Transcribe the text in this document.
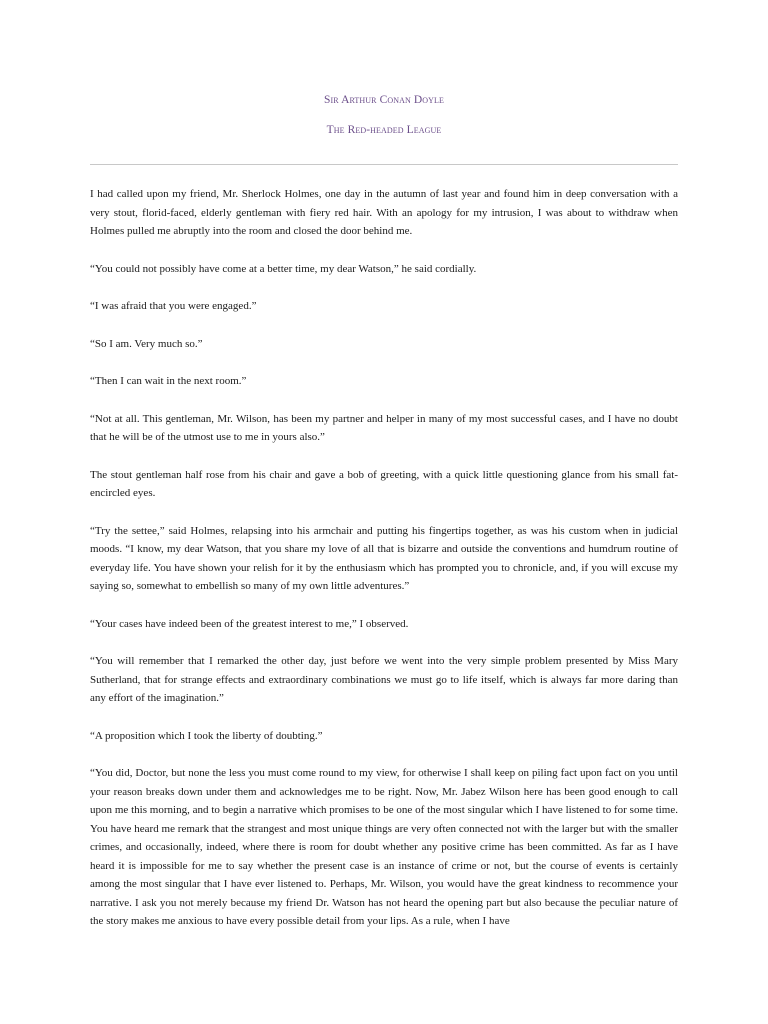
Sir Arthur Conan Doyle
The Red-headed League

I had called upon my friend, Mr. Sherlock Holmes, one day in the autumn of last year and found him in deep conversation with a very stout, florid-faced, elderly gentleman with fiery red hair. With an apology for my intrusion, I was about to withdraw when Holmes pulled me abruptly into the room and closed the door behind me.

“You could not possibly have come at a better time, my dear Watson,” he said cordially.

“I was afraid that you were engaged.”

“So I am. Very much so.”

“Then I can wait in the next room.”

“Not at all. This gentleman, Mr. Wilson, has been my partner and helper in many of my most successful cases, and I have no doubt that he will be of the utmost use to me in yours also.”

The stout gentleman half rose from his chair and gave a bob of greeting, with a quick little questioning glance from his small fat-encircled eyes.

“Try the settee,” said Holmes, relapsing into his armchair and putting his fingertips together, as was his custom when in judicial moods. “I know, my dear Watson, that you share my love of all that is bizarre and outside the conventions and humdrum routine of everyday life. You have shown your relish for it by the enthusiasm which has prompted you to chronicle, and, if you will excuse my saying so, somewhat to embellish so many of my own little adventures.”

“Your cases have indeed been of the greatest interest to me,” I observed.

“You will remember that I remarked the other day, just before we went into the very simple problem presented by Miss Mary Sutherland, that for strange effects and extraordinary combinations we must go to life itself, which is always far more daring than any effort of the imagination.”

“A proposition which I took the liberty of doubting.”

“You did, Doctor, but none the less you must come round to my view, for otherwise I shall keep on piling fact upon fact on you until your reason breaks down under them and acknowledges me to be right. Now, Mr. Jabez Wilson here has been good enough to call upon me this morning, and to begin a narrative which promises to be one of the most singular which I have listened to for some time. You have heard me remark that the strangest and most unique things are very often connected not with the larger but with the smaller crimes, and occasionally, indeed, where there is room for doubt whether any positive crime has been committed. As far as I have heard it is impossible for me to say whether the present case is an instance of crime or not, but the course of events is certainly among the most singular that I have ever listened to. Perhaps, Mr. Wilson, you would have the great kindness to recommence your narrative. I ask you not merely because my friend Dr. Watson has not heard the opening part but also because the peculiar nature of the story makes me anxious to have every possible detail from your lips. As a rule, when I have
